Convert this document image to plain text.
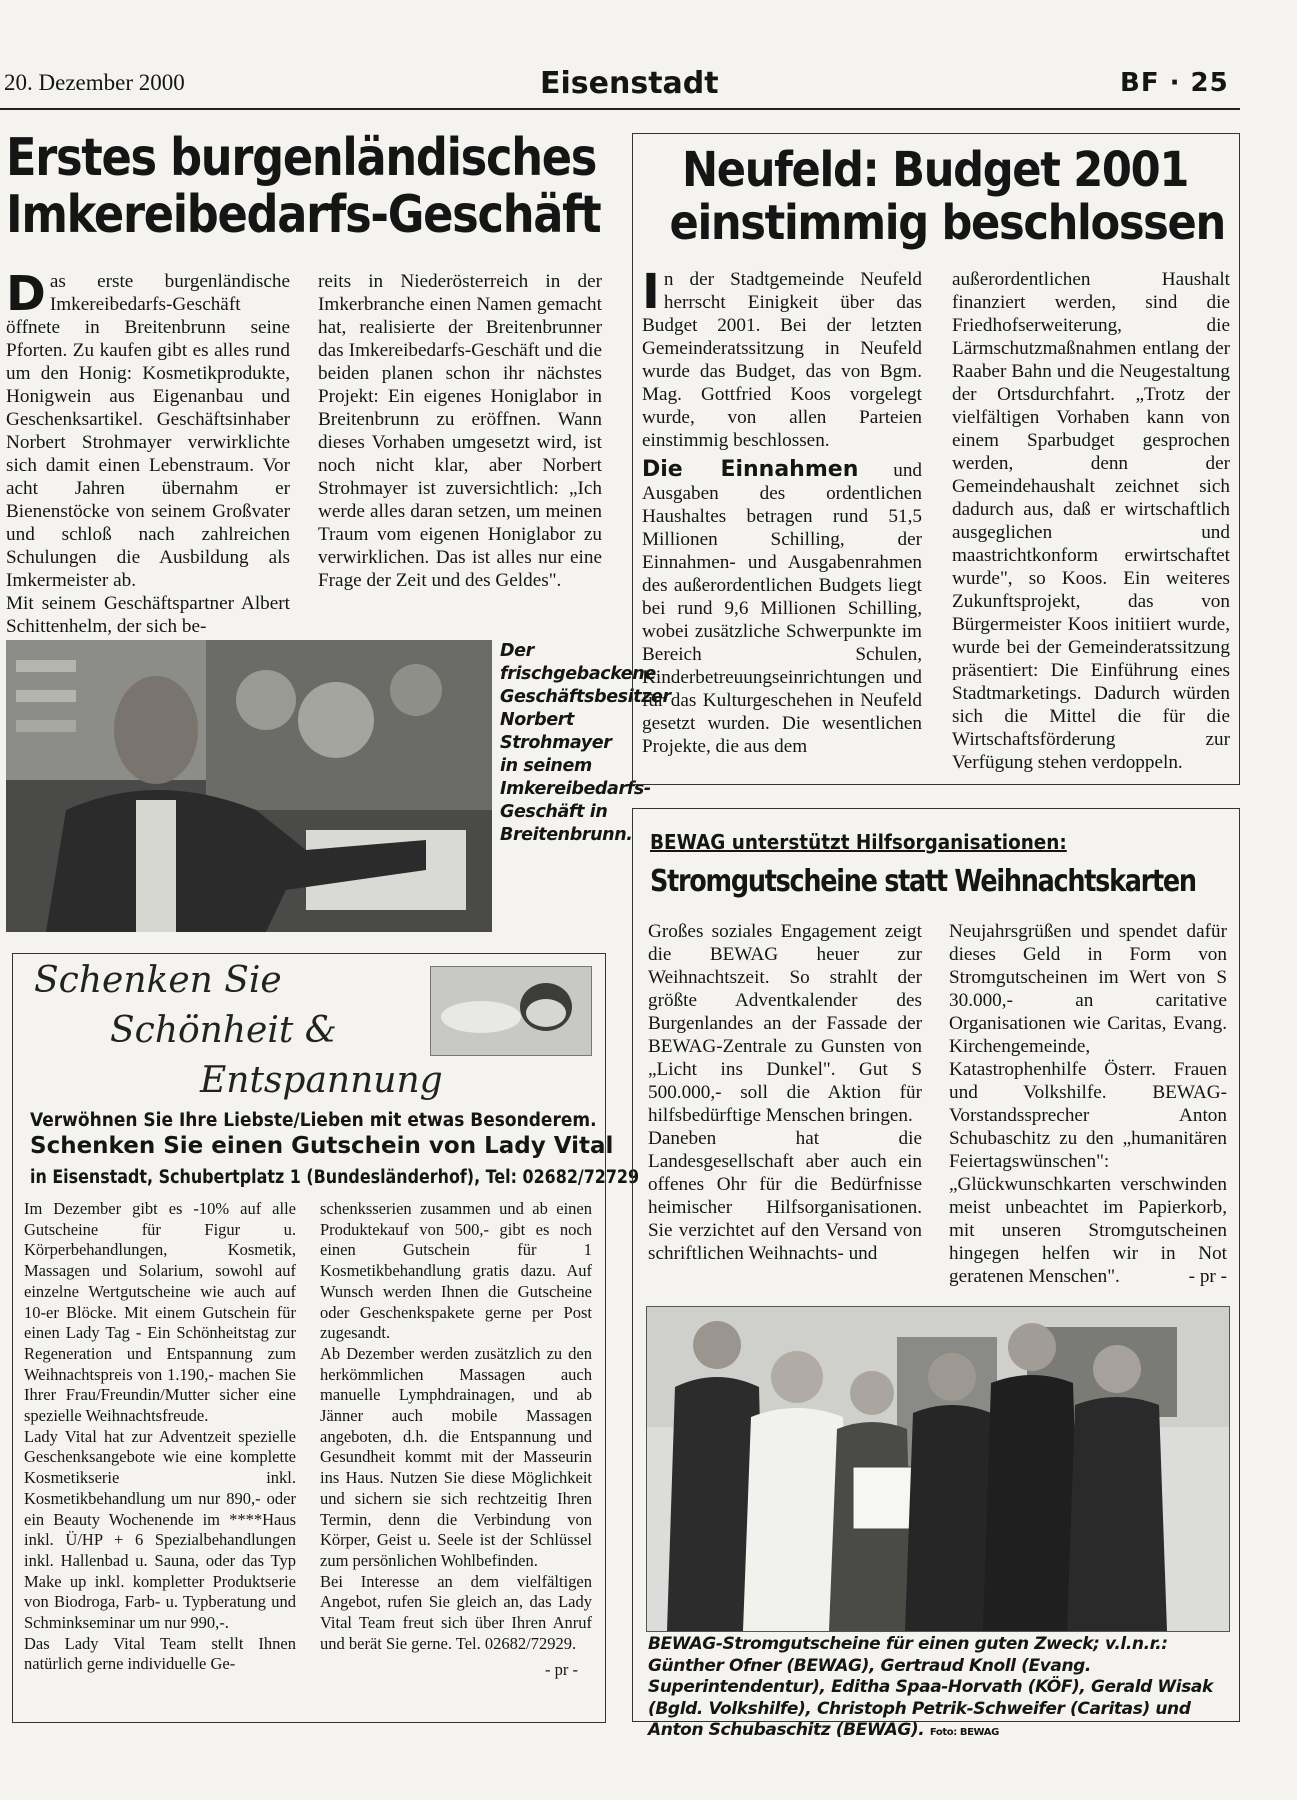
20. Dezember 2000	Eisenstadt	BF · 25
Erstes burgenländisches
Imkereibedarfs-Geschäft

Das erste burgenländische Imkereibedarfs-Geschäft öffnete in Breitenbrunn seine Pforten. Zu kaufen gibt es alles rund um den Honig: Kosmetikprodukte, Honigwein aus Eigenanbau und Geschenksartikel. Geschäftsinhaber Norbert Strohmayer verwirklichte sich damit einen Lebenstraum. Vor acht Jahren übernahm er Bienenstöcke von seinem Großvater und schloß nach zahlreichen Schulungen die Ausbildung als Imkermeister ab.

Mit seinem Geschäftspartner Albert Schittenhelm, der sich be-

reits in Niederösterreich in der Imkerbranche einen Namen gemacht hat, realisierte der Breitenbrunner das Imkereibedarfs-Geschäft und die beiden planen schon ihr nächstes Projekt: Ein eigenes Honiglabor in Breitenbrunn zu eröffnen. Wann dieses Vorhaben umgesetzt wird, ist noch nicht klar, aber Norbert Strohmayer ist zuversichtlich: „Ich werde alles daran setzen, um meinen Traum vom eigenen Honiglabor zu verwirklichen. Das ist alles nur eine Frage der Zeit und des Geldes".

Der frischgebackene Geschäftsbesitzer Norbert Strohmayer in seinem Imkereibedarfs-Geschäft in Breitenbrunn.
Neufeld: Budget 2001
einstimmig beschlossen

In der Stadtgemeinde Neufeld herrscht Einigkeit über das Budget 2001. Bei der letzten Gemeinderatssitzung in Neufeld wurde das Budget, das von Bgm. Mag. Gottfried Koos vorgelegt wurde, von allen Parteien einstimmig beschlossen.

Die Einnahmen und Ausgaben des ordentlichen Haushaltes betragen rund 51,5 Millionen Schilling, der Einnahmen- und Ausgabenrahmen des außerordentlichen Budgets liegt bei rund 9,6 Millionen Schilling, wobei zusätzliche Schwerpunkte im Bereich Schulen, Kinderbetreuungseinrichtungen und für das Kulturgeschehen in Neufeld gesetzt wurden. Die wesentlichen Projekte, die aus dem

außerordentlichen Haushalt finanziert werden, sind die Friedhofserweiterung, die Lärmschutzmaßnahmen entlang der Raaber Bahn und die Neugestaltung der Ortsdurchfahrt. „Trotz der vielfältigen Vorhaben kann von einem Sparbudget gesprochen werden, denn der Gemeindehaushalt zeichnet sich dadurch aus, daß er wirtschaftlich ausgeglichen und maastrichtkonform erwirtschaftet wurde", so Koos. Ein weiteres Zukunftsprojekt, das von Bürgermeister Koos initiiert wurde, wurde bei der Gemeinderatssitzung präsentiert: Die Einführung eines Stadtmarketings. Dadurch würden sich die Mittel die für die Wirtschaftsförderung zur Verfügung stehen verdoppeln.

Schenken Sie
Schönheit &
Entspannung
Verwöhnen Sie Ihre Liebste/Lieben mit etwas Besonderem.
Schenken Sie einen Gutschein von Lady Vital
in Eisenstadt, Schubertplatz 1 (Bundesländerhof), Tel: 02682/72729

Im Dezember gibt es -10% auf alle Gutscheine für Figur u. Körperbehandlungen, Kosmetik, Massagen und Solarium, sowohl auf einzelne Wertgutscheine wie auch auf 10-er Blöcke. Mit einem Gutschein für einen Lady Tag - Ein Schönheitstag zur Regeneration und Entspannung zum Weihnachtspreis von 1.190,- machen Sie Ihrer Frau/Freundin/Mutter sicher eine spezielle Weihnachtsfreude.

Lady Vital hat zur Adventzeit spezielle Geschenksangebote wie eine komplette Kosmetikserie inkl. Kosmetikbehandlung um nur 890,- oder ein Beauty Wochenende im ****Haus inkl. Ü/HP + 6 Spezialbehandlungen inkl. Hallenbad u. Sauna, oder das Typ Make up inkl. kompletter Produktserie von Biodroga, Farb- u. Typberatung und Schminkseminar um nur 990,-.

Das Lady Vital Team stellt Ihnen natürlich gerne individuelle Ge-

schenksserien zusammen und ab einen Produktekauf von 500,- gibt es noch einen Gutschein für 1 Kosmetikbehandlung gratis dazu. Auf Wunsch werden Ihnen die Gutscheine oder Geschenkspakete gerne per Post zugesandt.

Ab Dezember werden zusätzlich zu den herkömmlichen Massagen auch manuelle Lymphdrainagen, und ab Jänner auch mobile Massagen angeboten, d.h. die Entspannung und Gesundheit kommt mit der Masseurin ins Haus. Nutzen Sie diese Möglichkeit und sichern sie sich rechtzeitig Ihren Termin, denn die Verbindung von Körper, Geist u. Seele ist der Schlüssel zum persönlichen Wohlbefinden.

Bei Interesse an dem vielfältigen Angebot, rufen Sie gleich an, das Lady Vital Team freut sich über Ihren Anruf und berät Sie gerne. Tel. 02682/72929.

- pr -

BEWAG unterstützt Hilfsorganisationen:
Stromgutscheine statt Weihnachtskarten

Großes soziales Engagement zeigt die BEWAG heuer zur Weihnachtszeit. So strahlt der größte Adventkalender des Burgenlandes an der Fassade der BEWAG-Zentrale zu Gunsten von „Licht ins Dunkel". Gut S 500.000,- soll die Aktion für hilfsbedürftige Menschen bringen.

Daneben hat die Landesgesellschaft aber auch ein offenes Ohr für die Bedürfnisse heimischer Hilfsorganisationen. Sie verzichtet auf den Versand von schriftlichen Weihnachts- und

Neujahrsgrüßen und spendet dafür dieses Geld in Form von Stromgutscheinen im Wert von S 30.000,- an caritative Organisationen wie Caritas, Evang. Kirchengemeinde, Katastrophenhilfe Österr. Frauen und Volkshilfe. BEWAG-Vorstandssprecher Anton Schubaschitz zu den „humanitären Feiertagswünschen": „Glückwunschkarten verschwinden meist unbeachtet im Papierkorb, mit unseren Stromgutscheinen hingegen helfen wir in Not geratenen Menschen".	- pr -

BEWAG-Stromgutscheine für einen guten Zweck; v.l.n.r.: Günther Ofner (BEWAG), Gertraud Knoll (Evang. Superintendentur), Editha Spaa-Horvath (KÖF), Gerald Wisak (Bgld. Volkshilfe), Christoph Petrik-Schweifer (Caritas) und Anton Schubaschitz (BEWAG). Foto: BEWAG
